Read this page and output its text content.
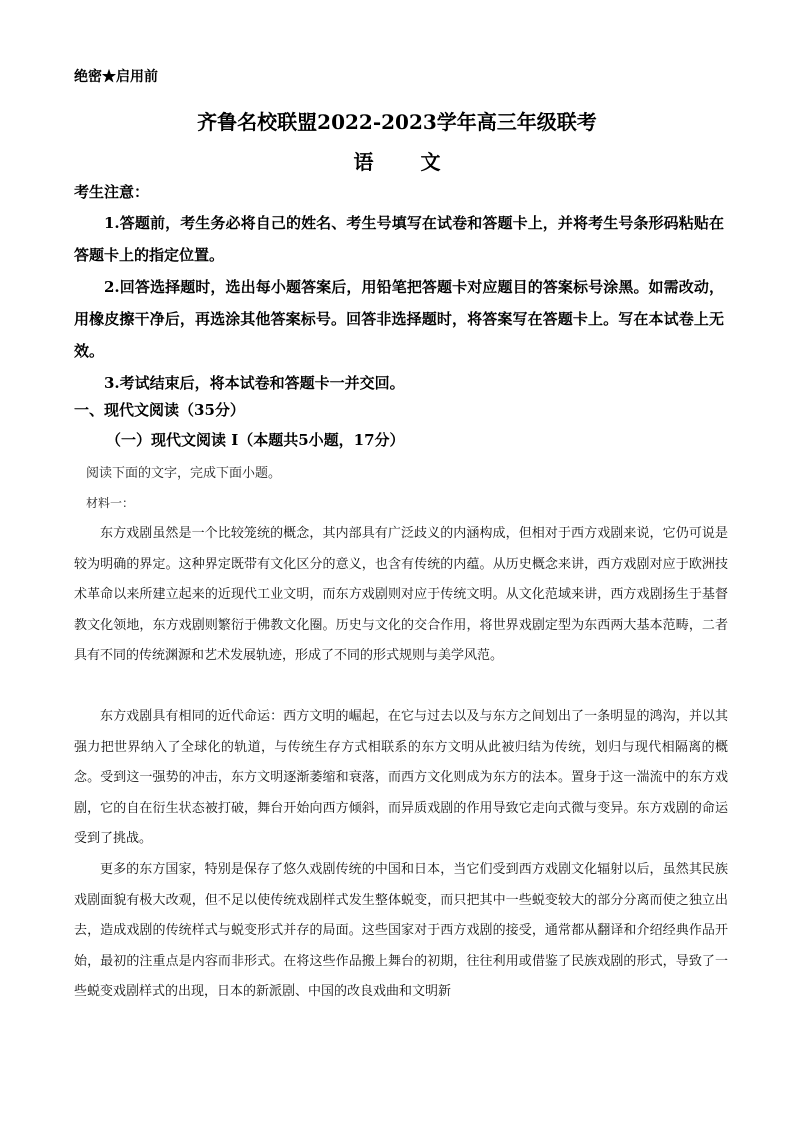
绝密★启用前
齐鲁名校联盟2022-2023学年高三年级联考
语 文
考生注意：

1.答题前，考生务必将自己的姓名、考生号填写在试卷和答题卡上，并将考生号条形码粘贴在答题卡上的指定位置。

2.回答选择题时，选出每小题答案后，用铅笔把答题卡对应题目的答案标号涂黑。如需改动，用橡皮擦干净后，再选涂其他答案标号。回答非选择题时，将答案写在答题卡上。写在本试卷上无效。

3.考试结束后，将本试卷和答题卡一并交回。

一、现代文阅读（35分）
（一）现代文阅读 I（本题共5小题，17分）
阅读下面的文字，完成下面小题。
材料一：

东方戏剧虽然是一个比较笼统的概念，其内部具有广泛歧义的内涵构成，但相对于西方戏剧来说，它仍可说是较为明确的界定。这种界定既带有文化区分的意义，也含有传统的内蕴。从历史概念来讲，西方戏剧对应于欧洲技术革命以来所建立起来的近现代工业文明，而东方戏剧则对应于传统文明。从文化范域来讲，西方戏剧扬生于基督教文化领地，东方戏剧则繁衍于佛教文化圈。历史与文化的交合作用，将世界戏剧定型为东西两大基本范畴，二者具有不同的传统渊源和艺术发展轨迹，形成了不同的形式规则与美学风范。

东方戏剧具有相同的近代命运：西方文明的崛起，在它与过去以及与东方之间划出了一条明显的鸿沟，并以其强力把世界纳入了全球化的轨道，与传统生存方式相联系的东方文明从此被归结为传统，划归与现代相隔离的概念。受到这一强势的冲击，东方文明逐渐萎缩和衰落，而西方文化则成为东方的法本。置身于这一湍流中的东方戏剧，它的自在衍生状态被打破，舞台开始向西方倾斜，而异质戏剧的作用导致它走向式微与变异。东方戏剧的命运受到了挑战。

更多的东方国家，特别是保存了悠久戏剧传统的中国和日本，当它们受到西方戏剧文化辐射以后，虽然其民族戏剧面貌有极大改观，但不足以使传统戏剧样式发生整体蜕变，而只把其中一些蜕变较大的部分分离而使之独立出去，造成戏剧的传统样式与蜕变形式并存的局面。这些国家对于西方戏剧的接受，通常都从翻译和介绍经典作品开始，最初的注重点是内容而非形式。在将这些作品搬上舞台的初期，往往利用或借鉴了民族戏剧的形式，导致了一些蜕变戏剧样式的出现，日本的新派剧、中国的改良戏曲和文明新
